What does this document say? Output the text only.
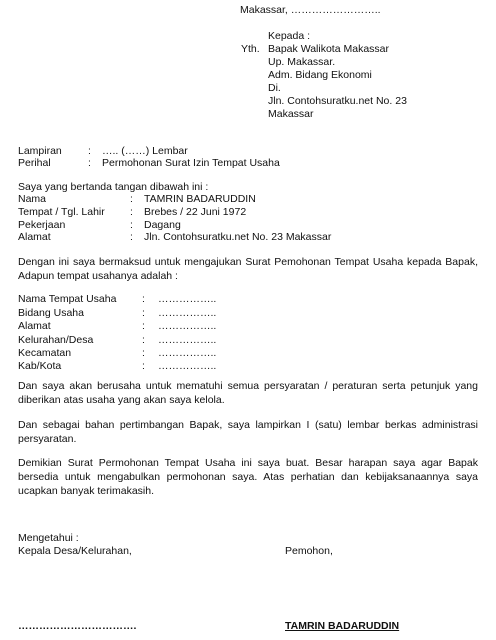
Makassar, ……………………..
Kepada :
Yth. Bapak Walikota Makassar
Up. Makassar.
Adm. Bidang Ekonomi
Di.
Jln. Contohsuratku.net No. 23
Makassar
Lampiran : ….. (……) Lembar
Perihal	: Permohonan Surat Izin Tempat Usaha
Saya yang bertanda tangan dibawah ini :
Nama	: TAMRIN BADARUDDIN
Tempat / Tgl. Lahir : Brebes / 22 Juni 1972
Pekerjaan	: Dagang
Alamat	: Jln. Contohsuratku.net No. 23 Makassar
Dengan ini saya bermaksud untuk mengajukan Surat Pemohonan Tempat Usaha kepada Bapak, Adapun tempat usahanya adalah :
Nama Tempat Usaha : ……………..
Bidang Usaha	: ……………..
Alamat	: ……………..
Kelurahan/Desa	: ……………..
Kecamatan	: ……………..
Kab/Kota	: ……………..
Dan saya akan berusaha untuk mematuhi semua persyaratan / peraturan serta petunjuk yang diberikan atas usaha yang akan saya kelola.
Dan sebagai bahan pertimbangan Bapak, saya lampirkan I (satu) lembar berkas administrasi persyaratan.
Demikian Surat Permohonan Tempat Usaha ini saya buat. Besar harapan saya agar Bapak bersedia untuk mengabulkan permohonan saya. Atas perhatian dan kebijaksanaannya saya ucapkan banyak terimakasih.
Mengetahui :
Kepala Desa/Kelurahan,	Pemohon,
…………………………….	TAMRIN BADARUDDIN
